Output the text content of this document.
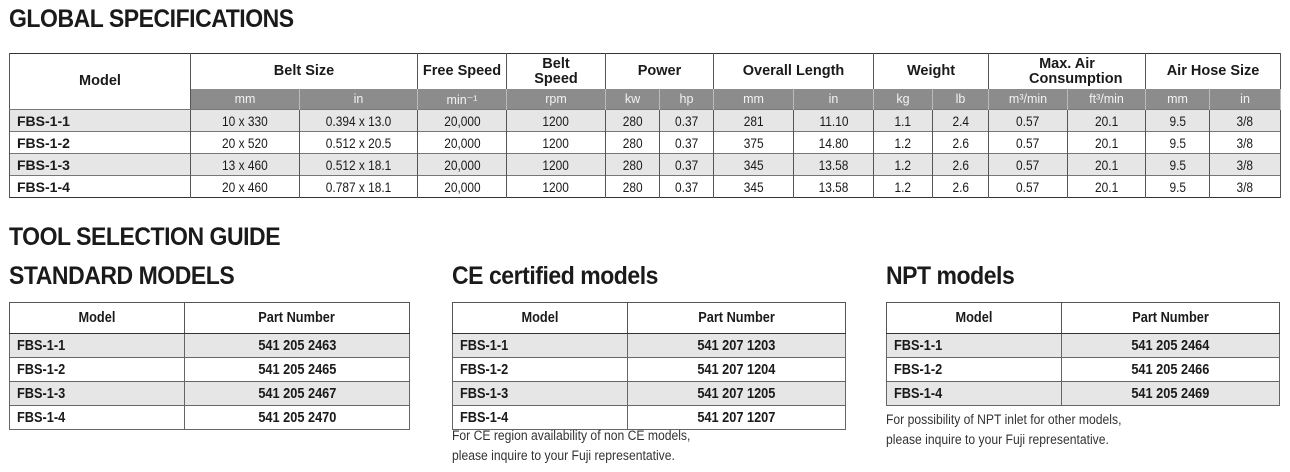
GLOBAL SPECIFICATIONS
Model	Belt Size		Free Speed	Belt Speed	Power		Overall Length		Weight		Max. Air Consumption		Air Hose Size	
	mm	in	min⁻¹	rpm	kw	hp	mm	in	kg	lb	m³/min	ft³/min	mm	in
FBS-1-1	10 x 330	0.394 x 13.0	20,000	1200	280	0.37	281	11.10	1.1	2.4	0.57	20.1	9.5	3/8
FBS-1-2	20 x 520	0.512 x 20.5	20,000	1200	280	0.37	375	14.80	1.2	2.6	0.57	20.1	9.5	3/8
FBS-1-3	13 x 460	0.512 x 18.1	20,000	1200	280	0.37	345	13.58	1.2	2.6	0.57	20.1	9.5	3/8
FBS-1-4	20 x 460	0.787 x 18.1	20,000	1200	280	0.37	345	13.58	1.2	2.6	0.57	20.1	9.5	3/8
TOOL SELECTION GUIDE
STANDARD MODELS	CE certified models	NPT models
Model	Part Number
FBS-1-1	541 205 2463
FBS-1-2	541 205 2465
FBS-1-3	541 205 2467
FBS-1-4	541 205 2470
Model	Part Number
FBS-1-1	541 207 1203
FBS-1-2	541 207 1204
FBS-1-3	541 207 1205
FBS-1-4	541 207 1207
Model	Part Number
FBS-1-1	541 205 2464
FBS-1-2	541 205 2466
FBS-1-4	541 205 2469
For CE region availability of non CE models,
please inquire to your Fuji representative.
For possibility of NPT inlet for other models,
please inquire to your Fuji representative.
